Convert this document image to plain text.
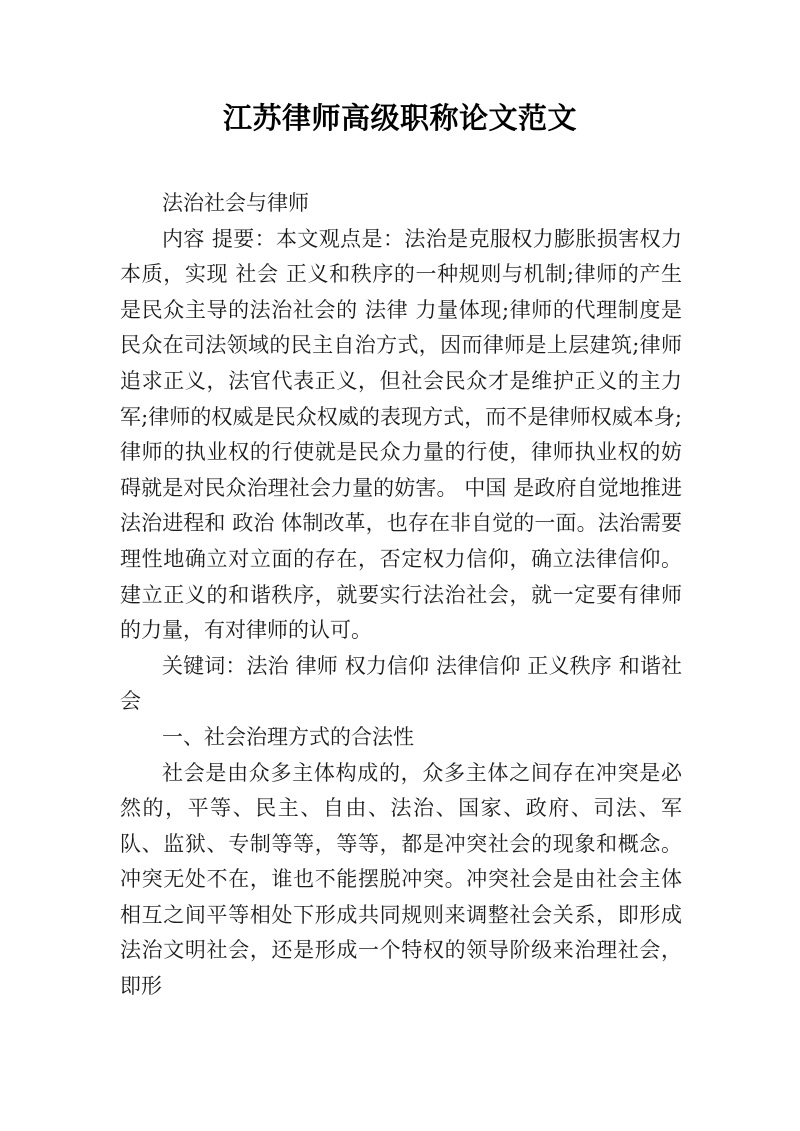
江苏律师高级职称论文范文

法治社会与律师

内容 提要：本文观点是：法治是克服权力膨胀损害权力本质，实现 社会 正义和秩序的一种规则与机制;律师的产生是民众主导的法治社会的 法律 力量体现;律师的代理制度是民众在司法领域的民主自治方式，因而律师是上层建筑;律师追求正义，法官代表正义，但社会民众才是维护正义的主力军;律师的权威是民众权威的表现方式，而不是律师权威本身;律师的执业权的行使就是民众力量的行使，律师执业权的妨碍就是对民众治理社会力量的妨害。 中国 是政府自觉地推进法治进程和 政治 体制改革，也存在非自觉的一面。法治需要理性地确立对立面的存在，否定权力信仰，确立法律信仰。建立正义的和谐秩序，就要实行法治社会，就一定要有律师的力量，有对律师的认可。

关键词：法治 律师 权力信仰 法律信仰 正义秩序 和谐社会

一、社会治理方式的合法性

社会是由众多主体构成的，众多主体之间存在冲突是必然的，平等、民主、自由、法治、国家、政府、司法、军队、监狱、专制等等，等等，都是冲突社会的现象和概念。冲突无处不在，谁也不能摆脱冲突。冲突社会是由社会主体相互之间平等相处下形成共同规则来调整社会关系，即形成法治文明社会，还是形成一个特权的领导阶级来治理社会，即形
